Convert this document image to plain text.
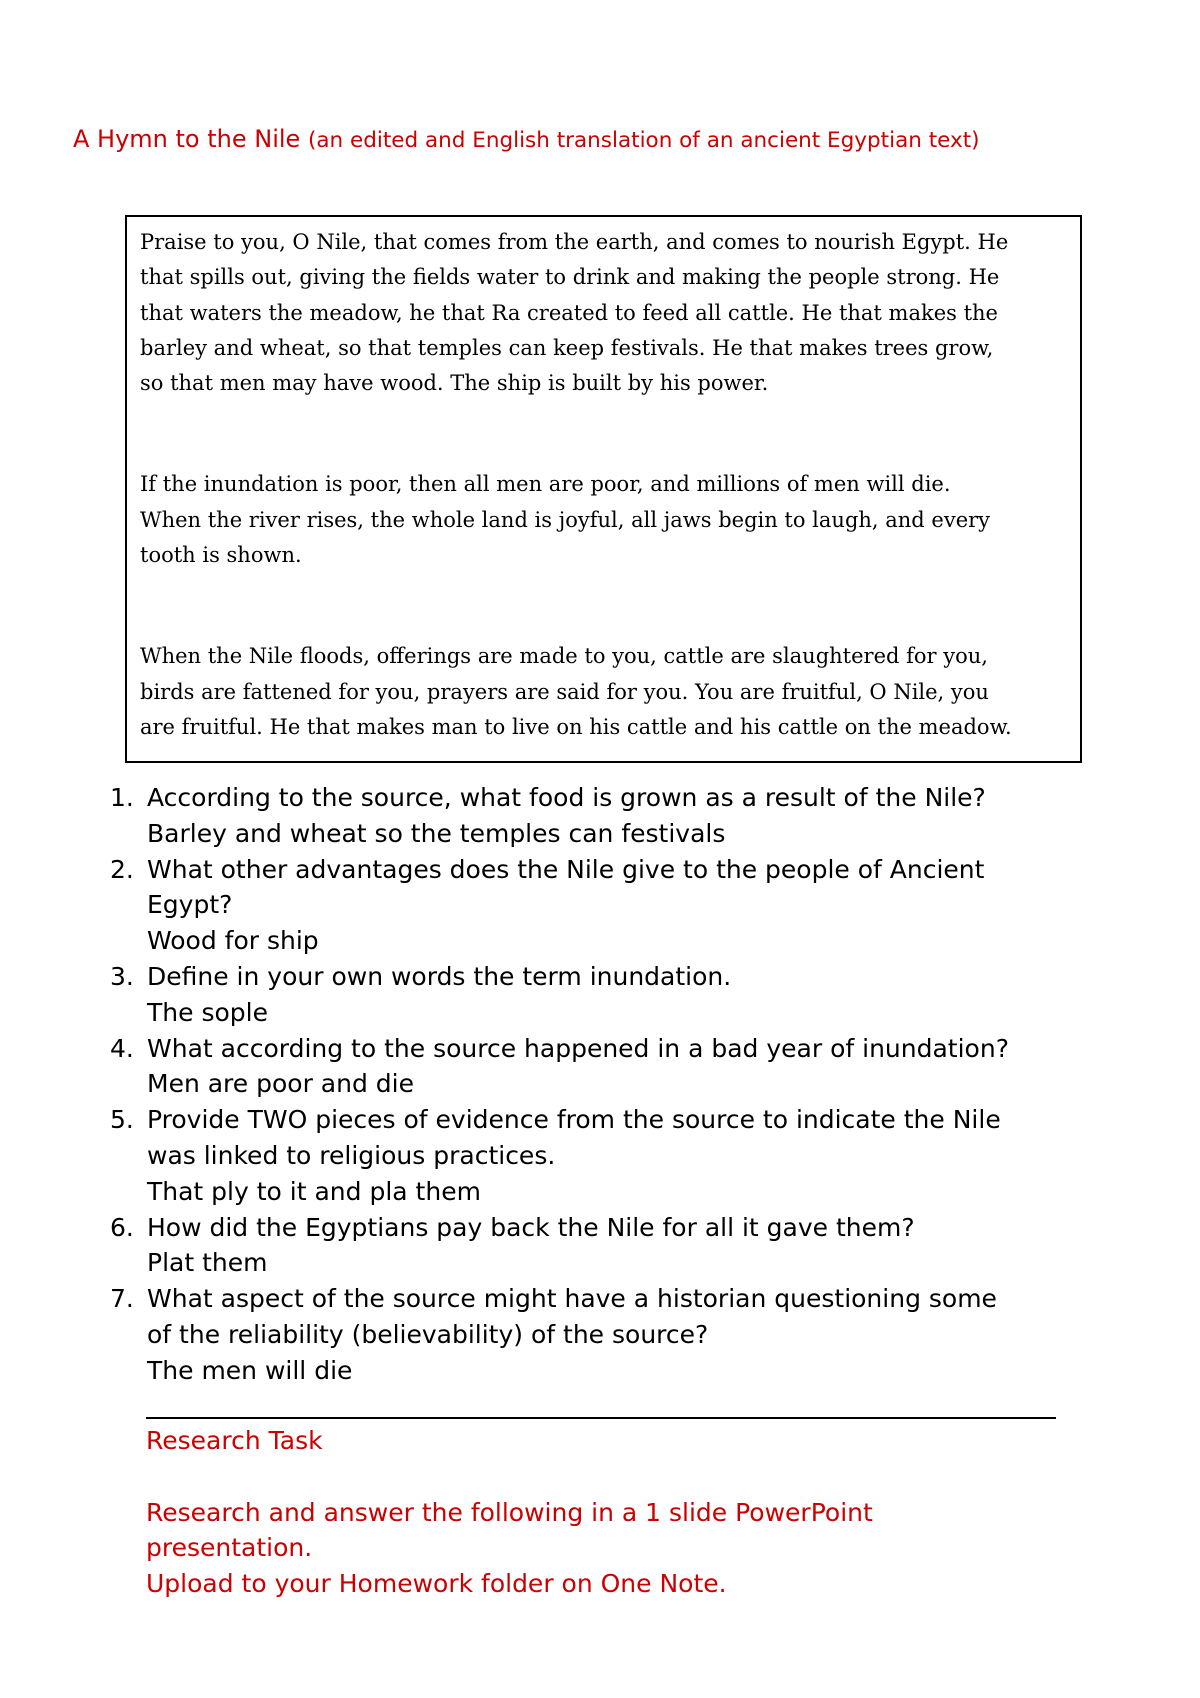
A Hymn to the Nile (an edited and English translation of an ancient Egyptian text)

Praise to you, O Nile, that comes from the earth, and comes to nourish Egypt. He
that spills out, giving the fields water to drink and making the people strong. He
that waters the meadow, he that Ra created to feed all cattle. He that makes the
barley and wheat, so that temples can keep festivals. He that makes trees grow,
so that men may have wood. The ship is built by his power.

If the inundation is poor, then all men are poor, and millions of men will die.
When the river rises, the whole land is joyful, all jaws begin to laugh, and every
tooth is shown.

When the Nile floods, offerings are made to you, cattle are slaughtered for you,
birds are fattened for you, prayers are said for you. You are fruitful, O Nile, you
are fruitful. He that makes man to live on his cattle and his cattle on the meadow.

1. According to the source, what food is grown as a result of the Nile?
Barley and wheat so the temples can festivals
2. What other advantages does the Nile give to the people of Ancient
Egypt?
Wood for ship
3. Define in your own words the term inundation.
The sople
4. What according to the source happened in a bad year of inundation?
Men are poor and die
5. Provide TWO pieces of evidence from the source to indicate the Nile
was linked to religious practices.
That ply to it and pla them
6. How did the Egyptians pay back the Nile for all it gave them?
Plat them
7. What aspect of the source might have a historian questioning some
of the reliability (believability) of the source?
The men will die

Research Task

Research and answer the following in a 1 slide PowerPoint
presentation.

Upload to your Homework folder on One Note.
